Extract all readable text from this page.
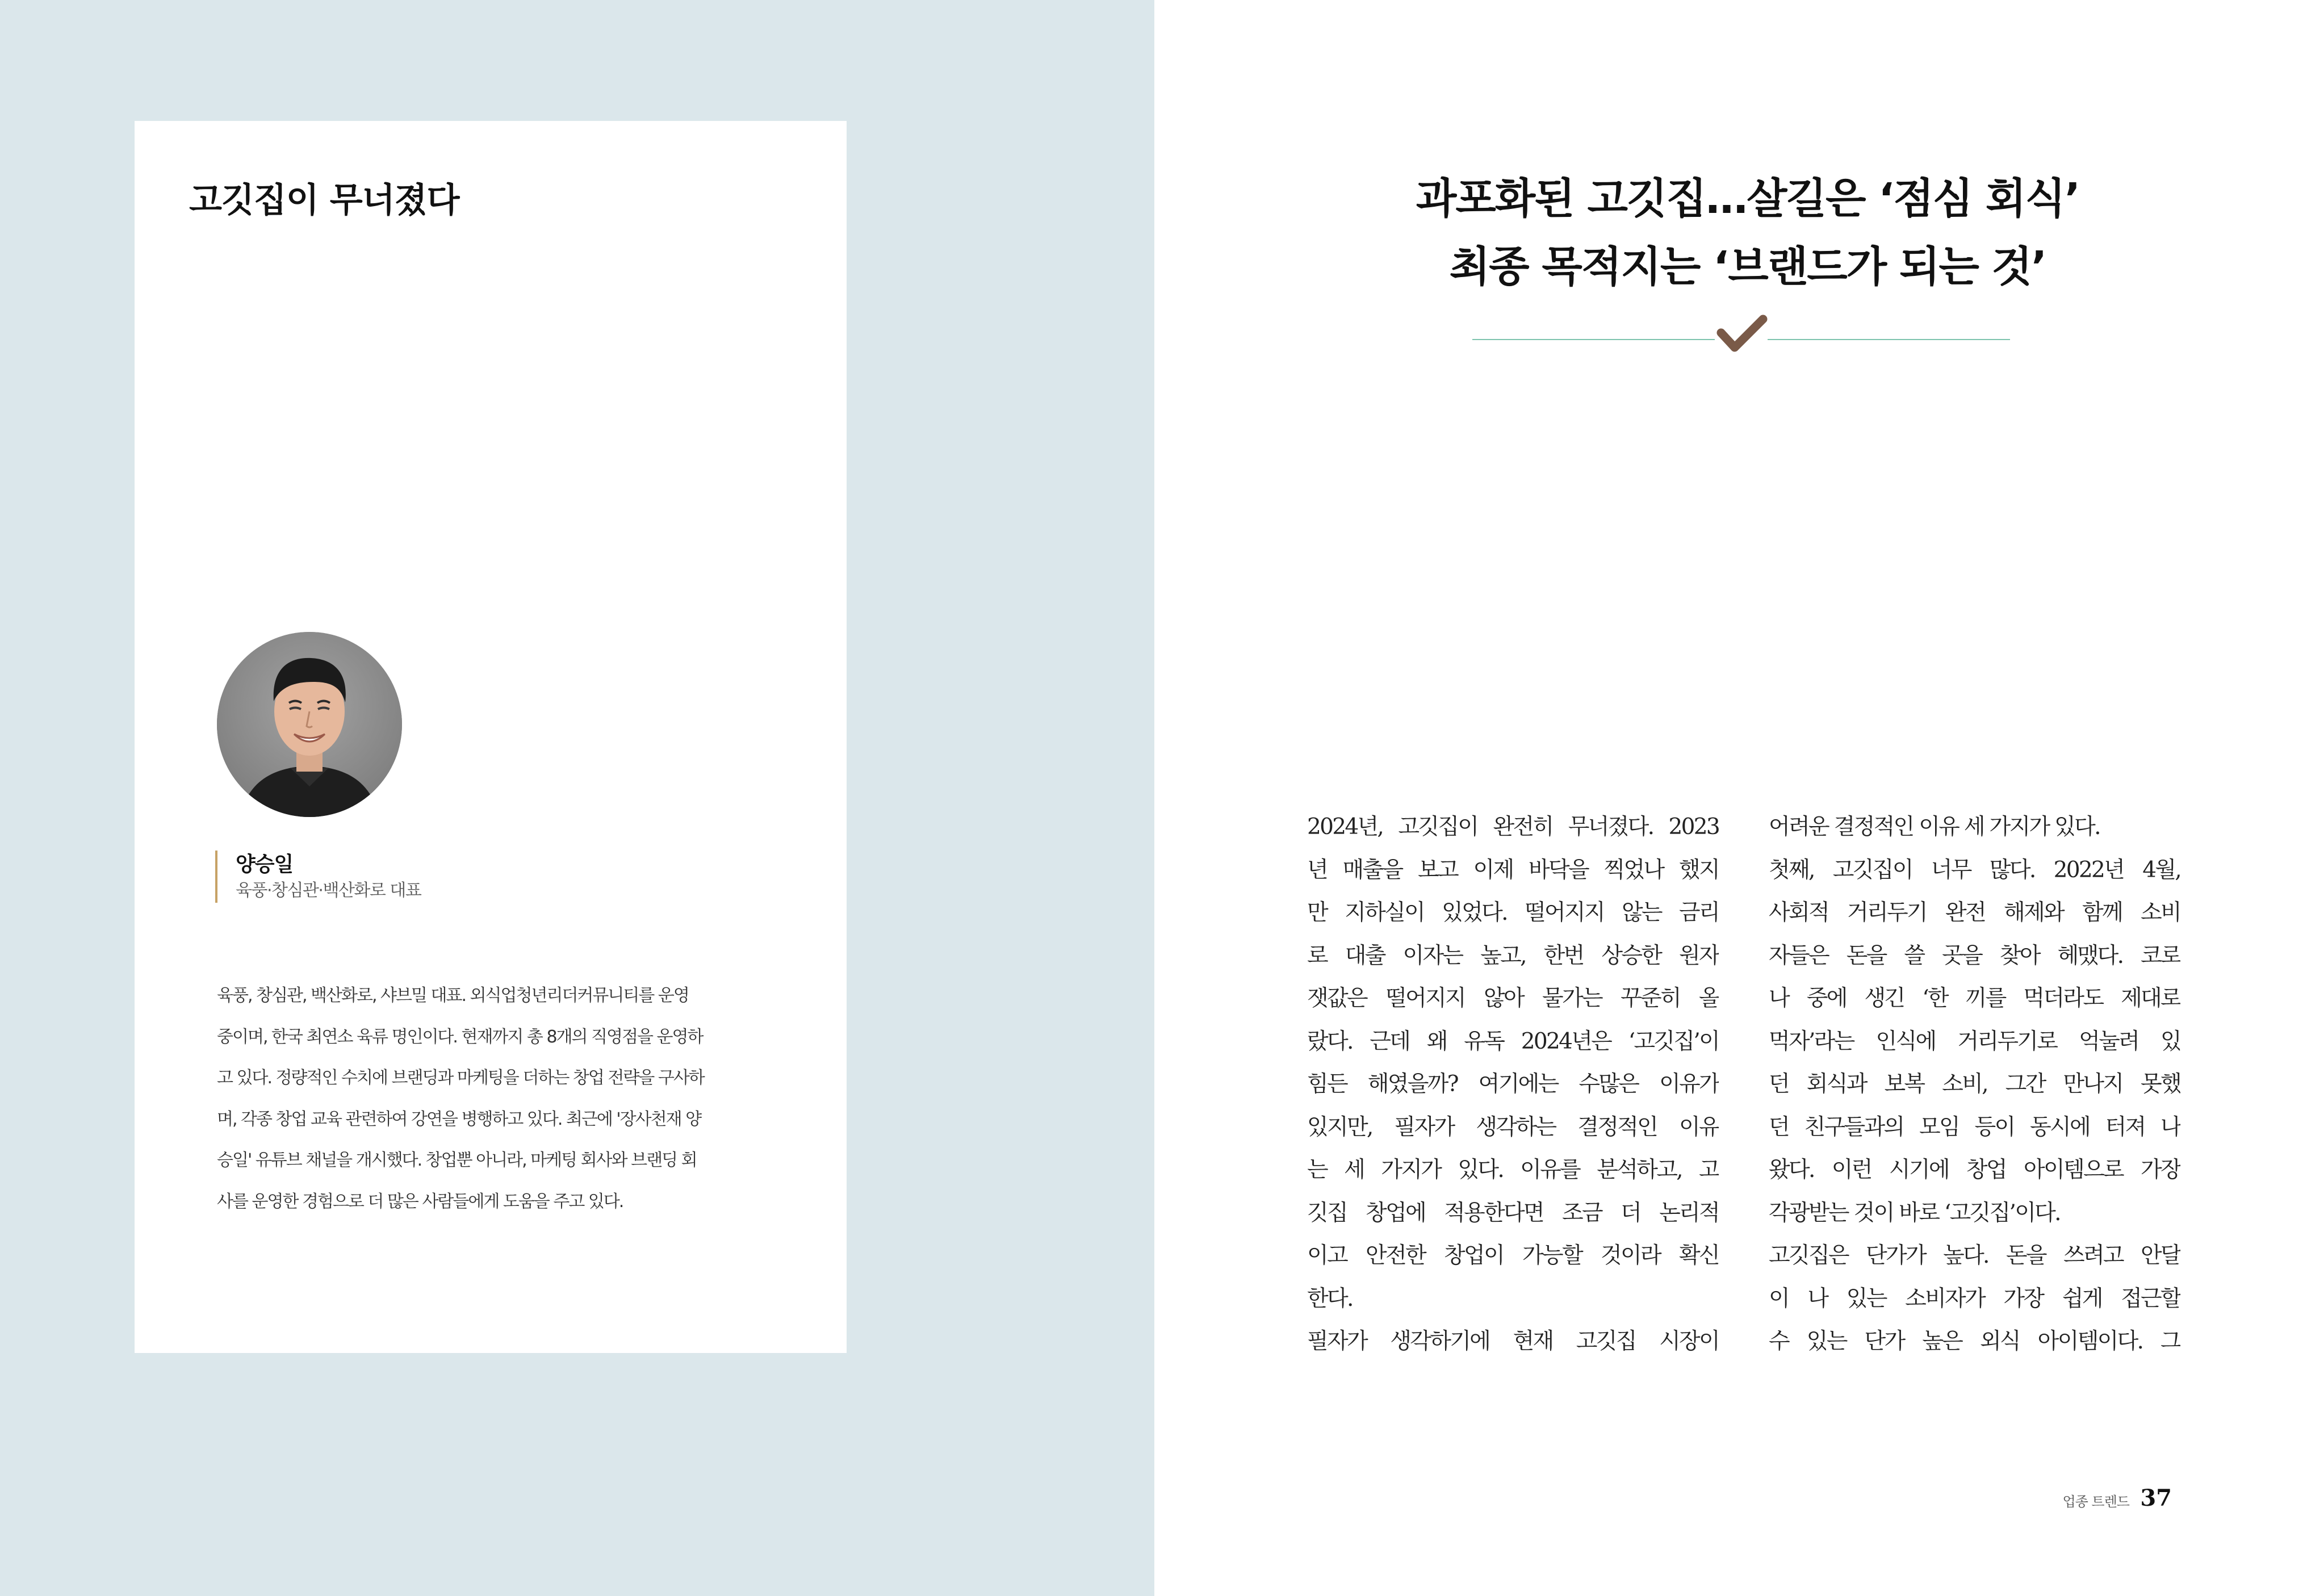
고깃집이 무너졌다
양승일
육풍·창심관·백산화로 대표
육풍, 창심관, 백산화로, 샤브밀 대표. 외식업청년리더커뮤니티를 운영
중이며, 한국 최연소 육류 명인이다. 현재까지 총 8개의 직영점을 운영하
고 있다. 정량적인 수치에 브랜딩과 마케팅을 더하는 창업 전략을 구사하
며, 각종 창업 교육 관련하여 강연을 병행하고 있다. 최근에 '장사천재 양
승일' 유튜브 채널을 개시했다. 창업뿐 아니라, 마케팅 회사와 브랜딩 회
사를 운영한 경험으로 더 많은 사람들에게 도움을 주고 있다.
과포화된 고깃집…살길은 ‘점심 회식’
최종 목적지는 ‘브랜드가 되는 것’
2024년, 고깃집이 완전히 무너졌다. 2023
년 매출을 보고 이제 바닥을 찍었나 했지
만 지하실이 있었다. 떨어지지 않는 금리
로 대출 이자는 높고, 한번 상승한 원자
잿값은 떨어지지 않아 물가는 꾸준히 올
랐다. 근데 왜 유독 2024년은 ‘고깃집’이
힘든 해였을까? 여기에는 수많은 이유가
있지만, 필자가 생각하는 결정적인 이유
는 세 가지가 있다. 이유를 분석하고, 고
깃집 창업에 적용한다면 조금 더 논리적
이고 안전한 창업이 가능할 것이라 확신
한다.
필자가 생각하기에 현재 고깃집 시장이
어려운 결정적인 이유 세 가지가 있다.
첫째, 고깃집이 너무 많다. 2022년 4월,
사회적 거리두기 완전 해제와 함께 소비
자들은 돈을 쓸 곳을 찾아 헤맸다. 코로
나 중에 생긴 ‘한 끼를 먹더라도 제대로
먹자’라는 인식에 거리두기로 억눌려 있
던 회식과 보복 소비, 그간 만나지 못했
던 친구들과의 모임 등이 동시에 터져 나
왔다. 이런 시기에 창업 아이템으로 가장
각광받는 것이 바로 ‘고깃집’이다.
고깃집은 단가가 높다. 돈을 쓰려고 안달
이 나 있는 소비자가 가장 쉽게 접근할
수 있는 단가 높은 외식 아이템이다. 그
업종 트렌드 37
